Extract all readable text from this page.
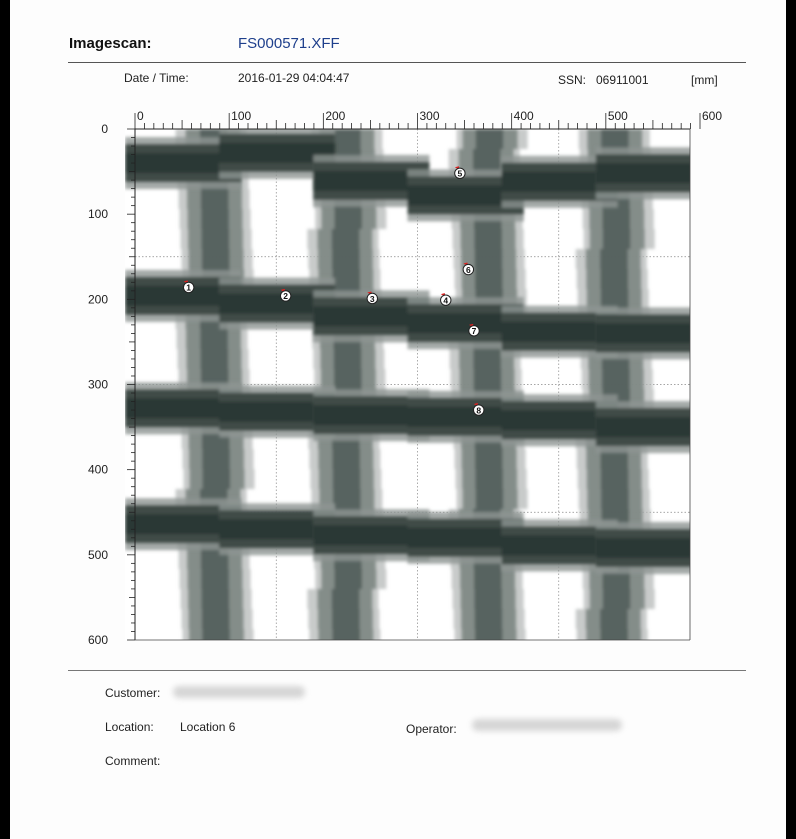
Imagescan:	FS000571.XFF
Date / Time:	2016-01-29 04:04:47	SSN: 06911001	[mm]
0	100	200	300	400	500	600
0
100
200
300
400
500
600
1
2	3	4
5
6
7
8
Customer:
Location: Location 6	Operator:
Comment:
